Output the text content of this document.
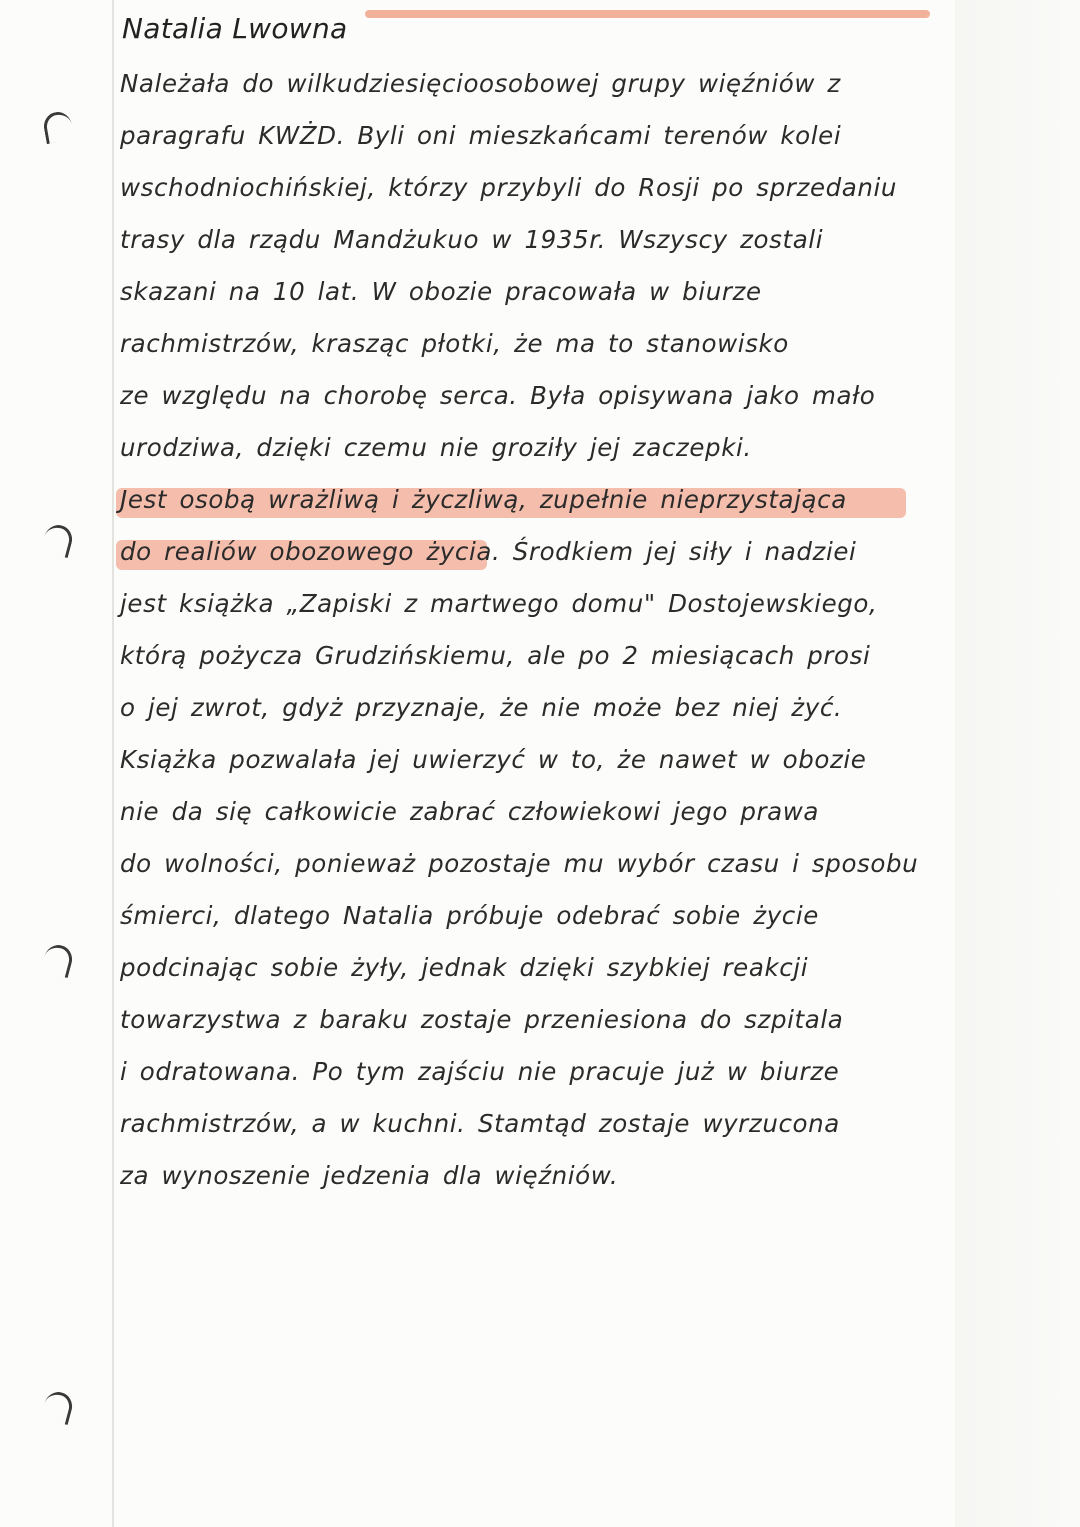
Natalia Lwowna
Należała do wilkudziesięcioosobowej grupy więźniów z
paragrafu KWŻD. Byli oni mieszkańcami terenów kolei
wschodniochińskiej, którzy przybyli do Rosji po sprzedaniu
trasy dla rządu Mandżukuo w 1935r. Wszyscy zostali
skazani na 10 lat. W obozie pracowała w biurze
rachmistrzów, krasząc płotki, że ma to stanowisko
ze względu na chorobę serca. Była opisywana jako mało
urodziwa, dzięki czemu nie groziły jej zaczepki.
Jest osobą wrażliwą i życzliwą, zupełnie nieprzystająca
do realiów obozowego życia. Środkiem jej siły i nadziei
jest książka „Zapiski z martwego domu" Dostojewskiego,
którą pożycza Grudzińskiemu, ale po 2 miesiącach prosi
o jej zwrot, gdyż przyznaje, że nie może bez niej żyć.
Książka pozwalała jej uwierzyć w to, że nawet w obozie
nie da się całkowicie zabrać człowiekowi jego prawa
do wolności, ponieważ pozostaje mu wybór czasu i sposobu
śmierci, dlatego Natalia próbuje odebrać sobie życie
podcinając sobie żyły, jednak dzięki szybkiej reakcji
towarzystwa z baraku zostaje przeniesiona do szpitala
i odratowana. Po tym zajściu nie pracuje już w biurze
rachmistrzów, a w kuchni. Stamtąd zostaje wyrzucona
za wynoszenie jedzenia dla więźniów.
